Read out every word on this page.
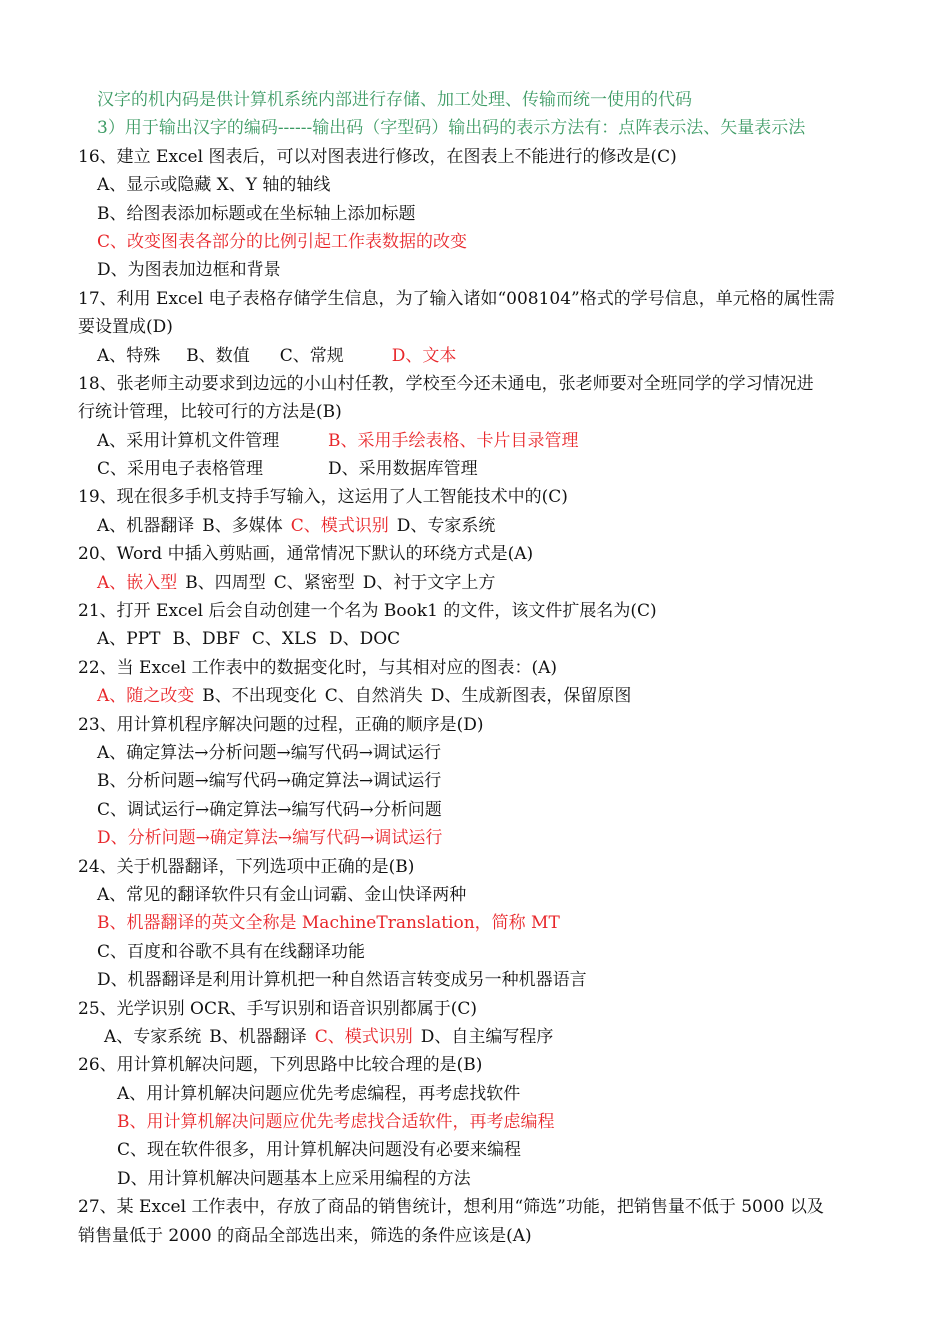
汉字的机内码是供计算机系统内部进行存储、加工处理、传输而统一使用的代码
3）用于输出汉字的编码------输出码（字型码）输出码的表示方法有：点阵表示法、矢量表示法
16、建立 Excel 图表后，可以对图表进行修改，在图表上不能进行的修改是(C)
A、显示或隐藏 X、Y 轴的轴线
B、给图表添加标题或在坐标轴上添加标题
C、改变图表各部分的比例引起工作表数据的改变
D、为图表加边框和背景
17、利用 Excel 电子表格存储学生信息，为了输入诸如“008104”格式的学号信息，单元格的属性需
要设置成(D)
A、特殊 B、数值 C、常规	D、文本
18、张老师主动要求到边远的小山村任教，学校至今还未通电，张老师要对全班同学的学习情况进
行统计管理，比较可行的方法是(B)
A、采用计算机文件管理	B、采用手绘表格、卡片目录管理
C、采用电子表格管理	D、采用数据库管理
19、现在很多手机支持手写输入，这运用了人工智能技术中的(C)
A、机器翻译 B、多媒体 C、模式识别 D、专家系统
20、Word 中插入剪贴画，通常情况下默认的环绕方式是(A)
A、嵌入型 B、四周型 C、紧密型 D、衬于文字上方
21、打开 Excel 后会自动创建一个名为 Book1 的文件，该文件扩展名为(C)
A、PPT B、DBF C、XLS D、DOC
22、当 Excel 工作表中的数据变化时，与其相对应的图表：(A)
A、随之改变 B、不出现变化 C、自然消失 D、生成新图表，保留原图
23、用计算机程序解决问题的过程，正确的顺序是(D)
A、确定算法→分析问题→编写代码→调试运行
B、分析问题→编写代码→确定算法→调试运行
C、调试运行→确定算法→编写代码→分析问题
D、分析问题→确定算法→编写代码→调试运行
24、关于机器翻译，下列选项中正确的是(B)
A、常见的翻译软件只有金山词霸、金山快译两种
B、机器翻译的英文全称是 MachineTranslation，简称 MT
C、百度和谷歌不具有在线翻译功能
D、机器翻译是利用计算机把一种自然语言转变成另一种机器语言
25、光学识别 OCR、手写识别和语音识别都属于(C)
A、专家系统 B、机器翻译 C、模式识别 D、自主编写程序
26、用计算机解决问题，下列思路中比较合理的是(B)
A、用计算机解决问题应优先考虑编程，再考虑找软件
B、用计算机解决问题应优先考虑找合适软件，再考虑编程
C、现在软件很多，用计算机解决问题没有必要来编程
D、用计算机解决问题基本上应采用编程的方法
27、某 Excel 工作表中，存放了商品的销售统计，想利用“筛选”功能，把销售量不低于 5000 以及
销售量低于 2000 的商品全部选出来，筛选的条件应该是(A)
